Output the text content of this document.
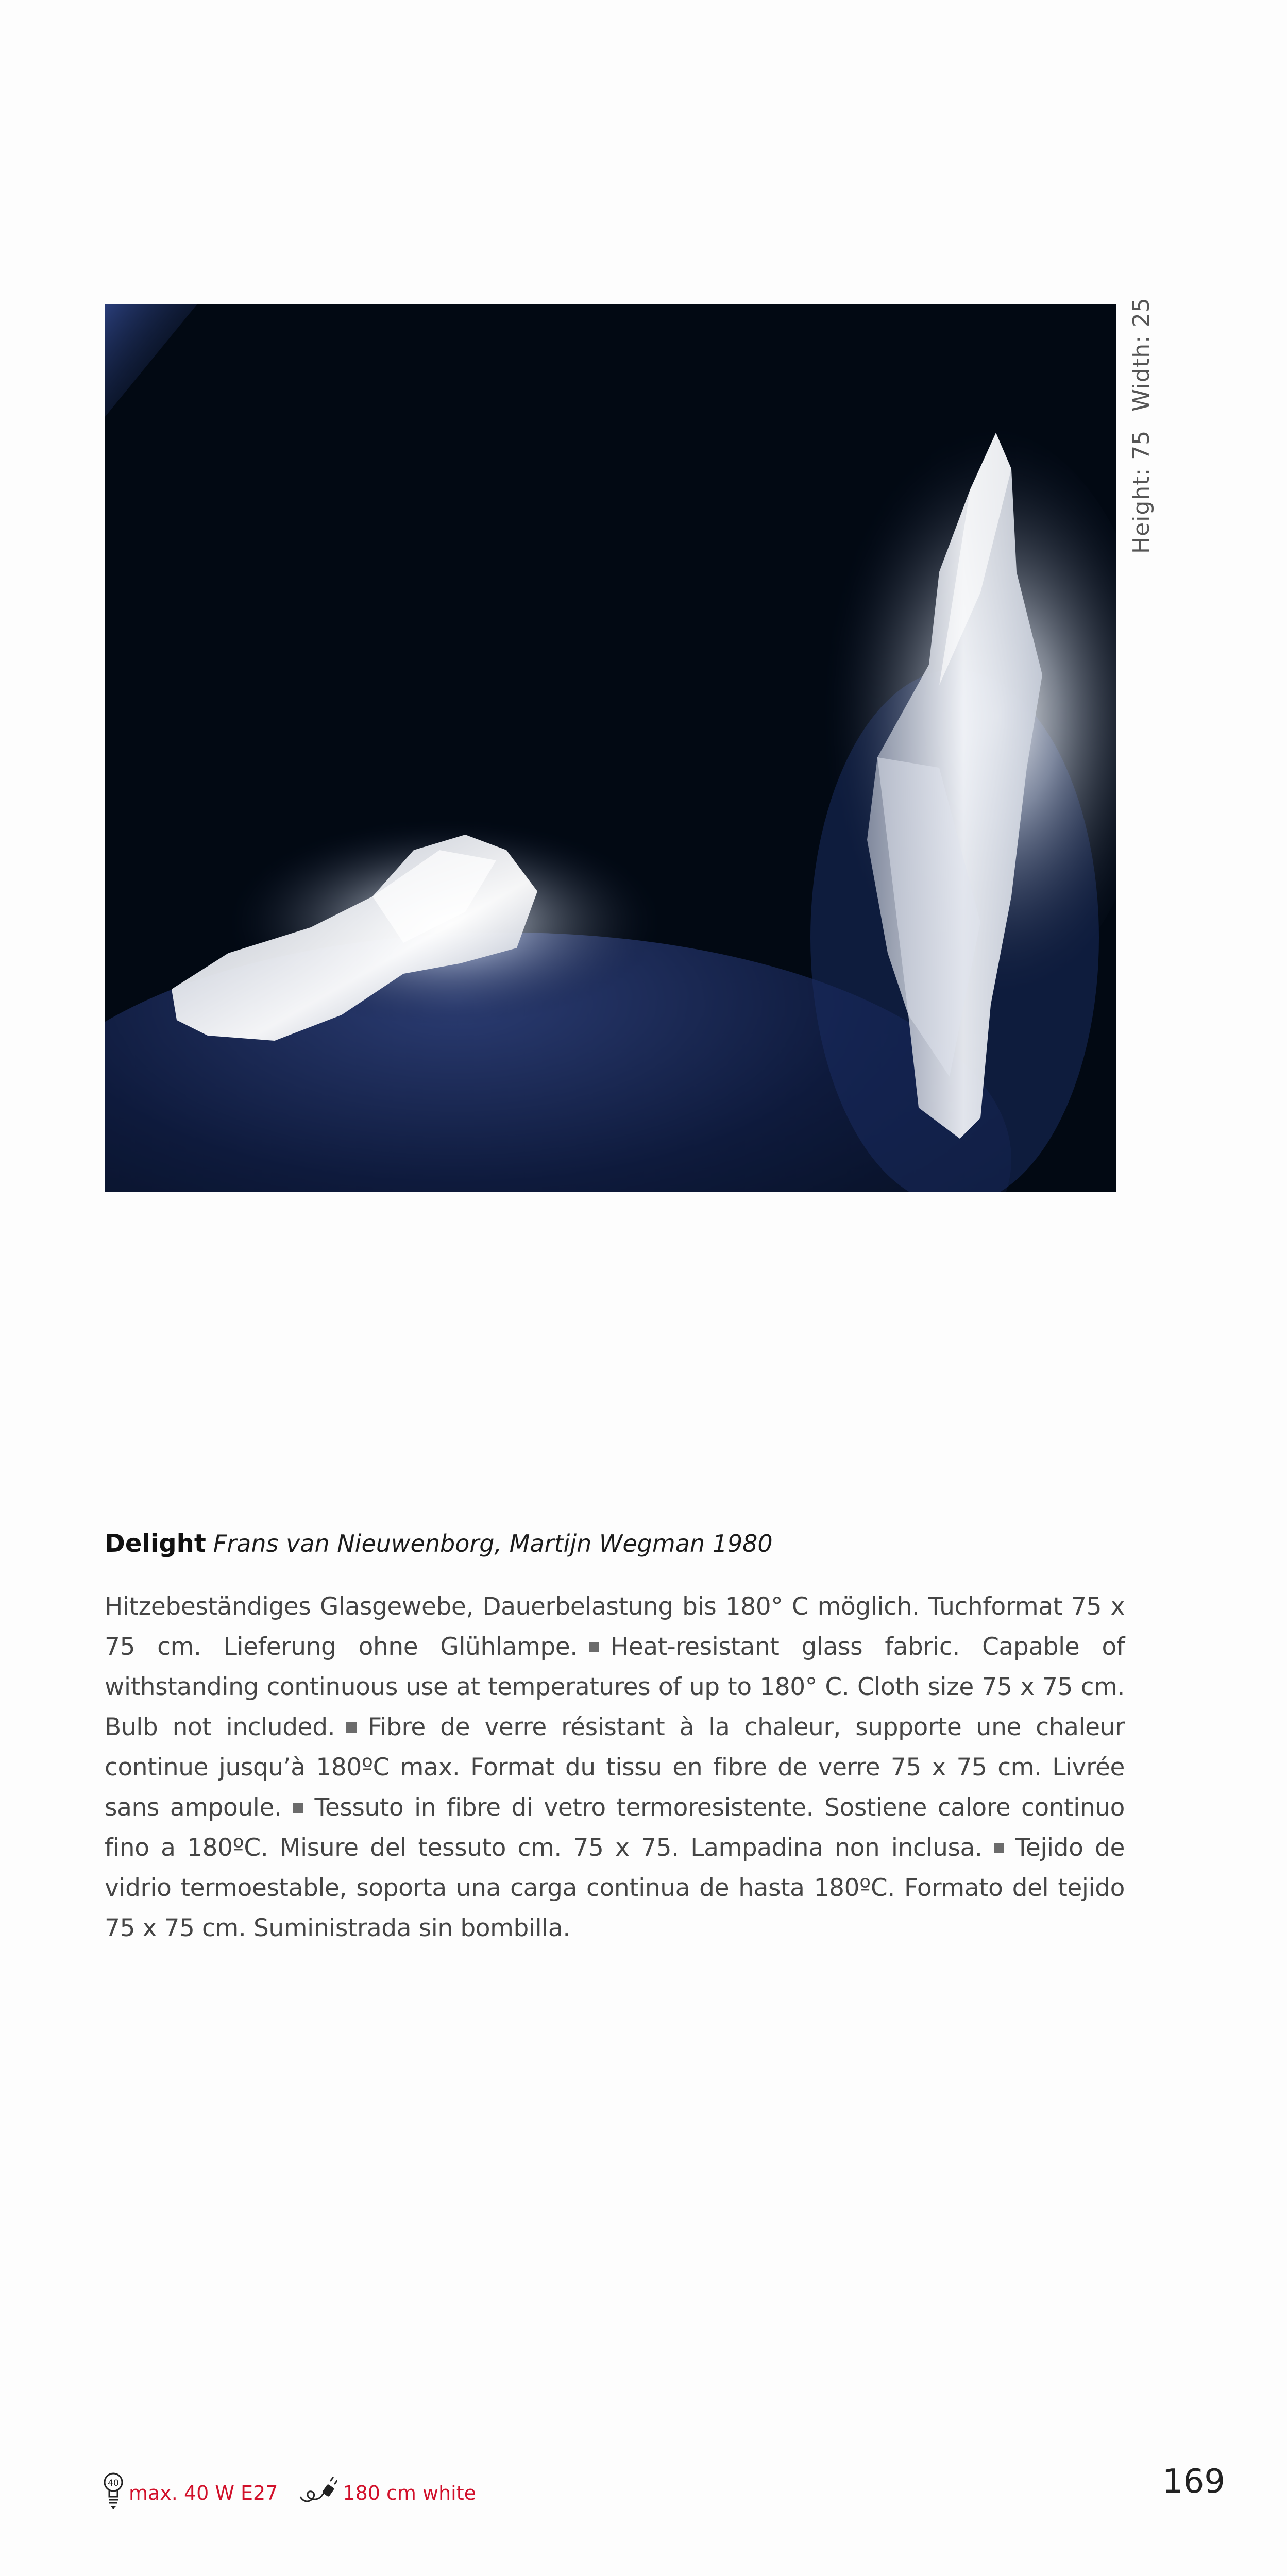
Height: 75Width: 25
Delight Frans van Nieuwenborg, Martijn Wegman 1980
Hitzebeständiges Glasgewebe, Dauerbelastung bis 180° C möglich. Tuchformat 75 x 75 cm. Lieferung ohne Glühlampe. Heat-resistant glass fabric. Capable of withstanding continuous use at temperatures of up to 180° C. Cloth size 75 x 75 cm. Bulb not included. Fibre de verre résistant à la chaleur, supporte une chaleur continue jusqu’à 180ºC max. Format du tissu en fibre de verre 75 x 75 cm. Livrée sans ampoule. Tessuto in fibre di vetro termoresistente. Sostiene calore continuo fino a 180ºC. Misure del tessuto cm. 75 x 75. Lampadina non inclusa. Tejido de vidrio termoestable, soporta una carga continua de hasta 180ºC. Formato del tejido 75 x 75 cm. Suministrada sin bombilla.
40 max. 40 W E27	180 cm white	169
